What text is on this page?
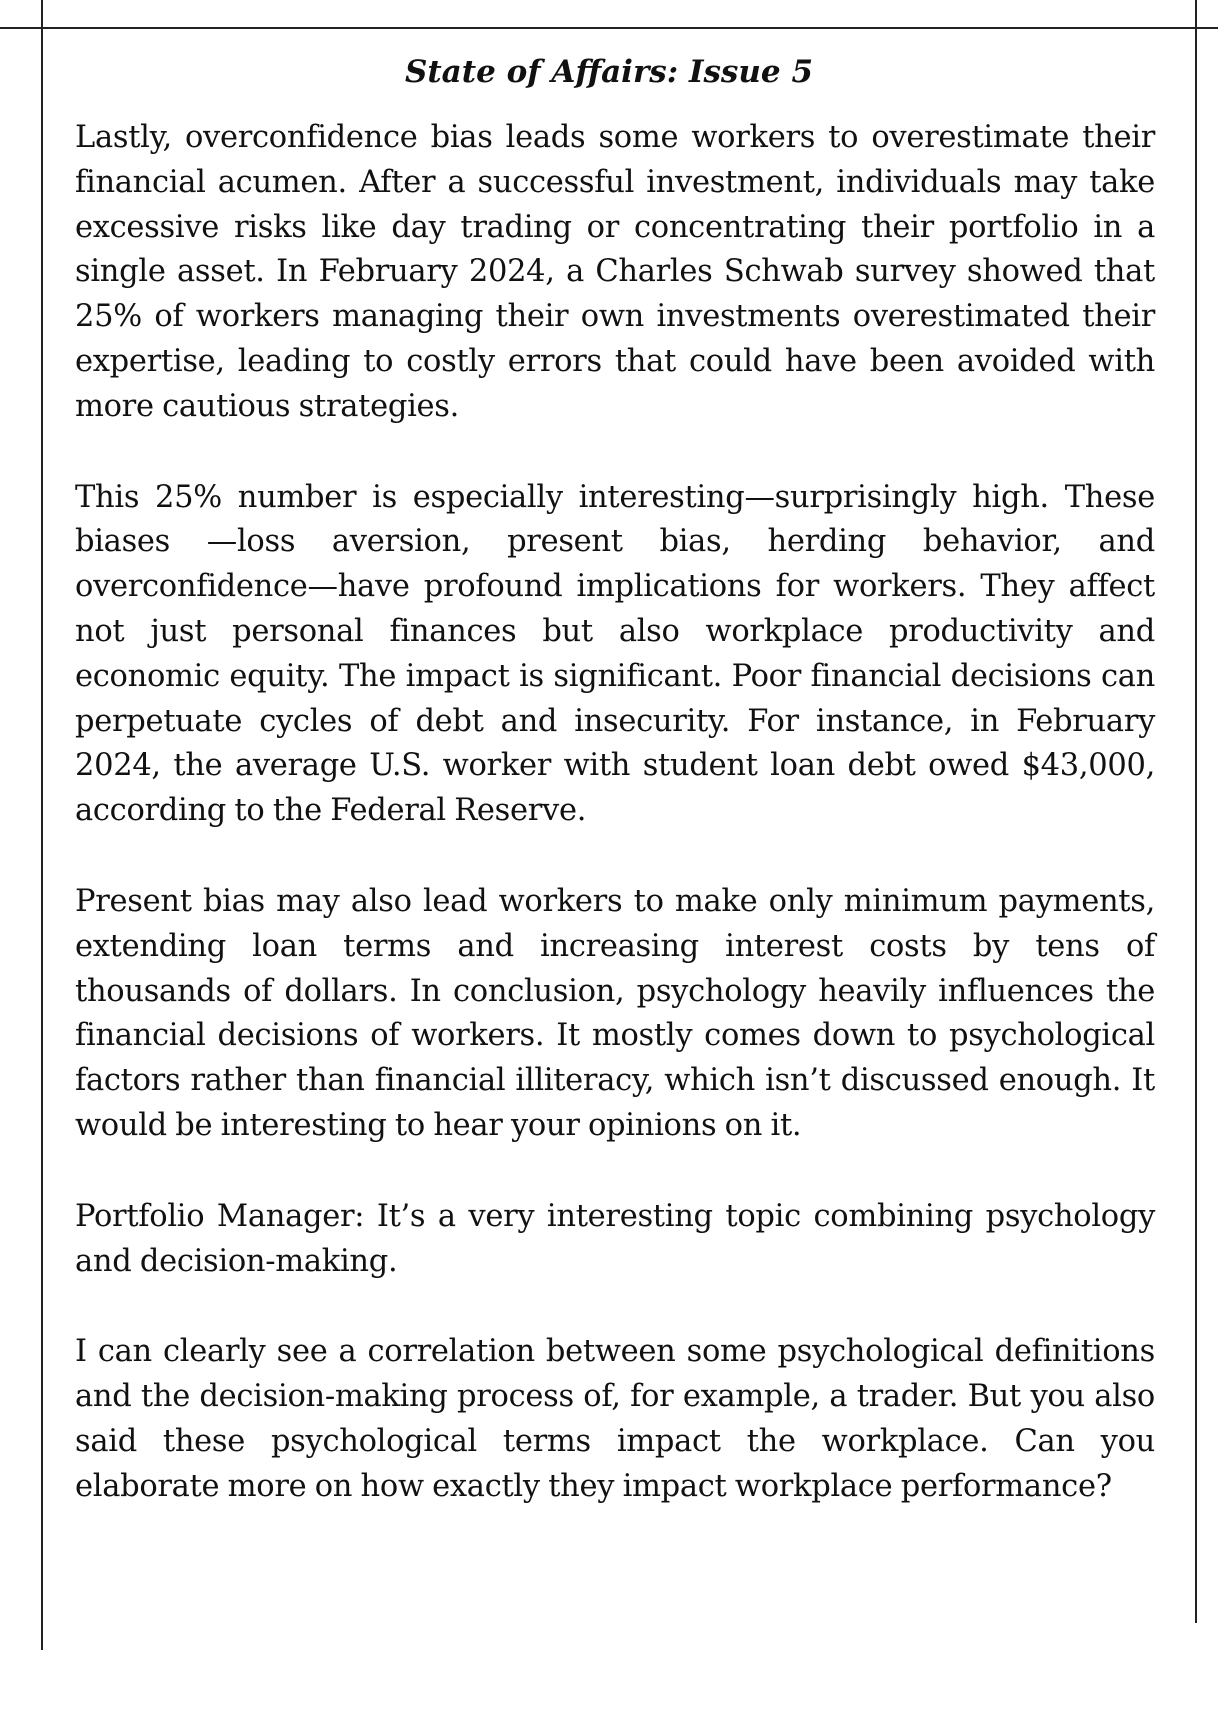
State of Affairs: Issue 5

Lastly, overconfidence bias leads some workers to overestimate their financial acumen. After a successful investment, individuals may take excessive risks like day trading or concentrating their portfolio in a single asset. In February 2024, a Charles Schwab survey showed that 25% of workers managing their own investments overestimated their expertise, leading to costly errors that could have been avoided with more cautious strategies.

This 25% number is especially interesting—surprisingly high. These biases —loss aversion, present bias, herding behavior, and overconfidence—have profound implications for workers. They affect not just personal finances but also workplace productivity and economic equity. The impact is significant. Poor financial decisions can perpetuate cycles of debt and insecurity. For instance, in February 2024, the average U.S. worker with student loan debt owed $43,000, according to the Federal Reserve.

Present bias may also lead workers to make only minimum payments, extending loan terms and increasing interest costs by tens of thousands of dollars. In conclusion, psychology heavily influences the financial decisions of workers. It mostly comes down to psychological factors rather than financial illiteracy, which isn’t discussed enough. It would be interesting to hear your opinions on it.

Portfolio Manager: It’s a very interesting topic combining psychology and decision-making.

I can clearly see a correlation between some psychological definitions and the decision-making process of, for example, a trader. But you also said these psychological terms impact the workplace. Can you elaborate more on how exactly they impact workplace performance?
